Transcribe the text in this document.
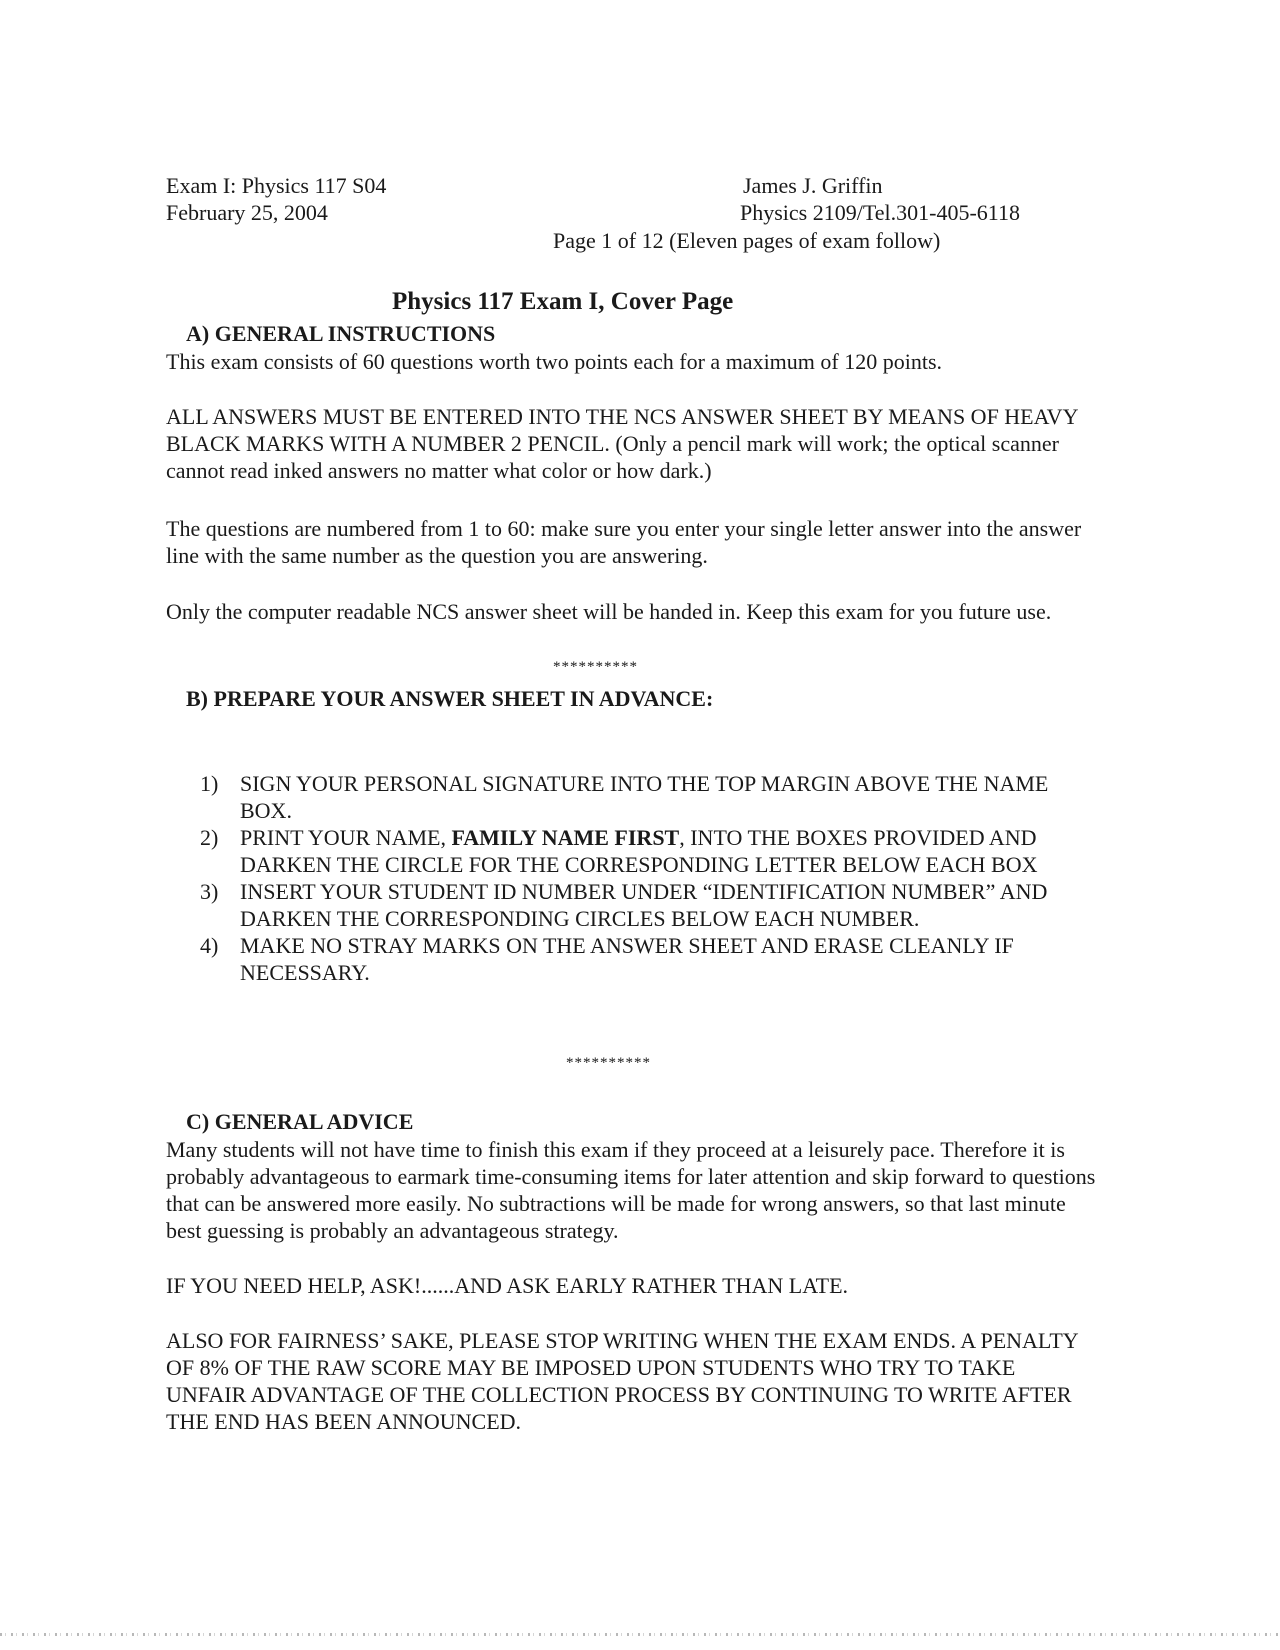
Exam I: Physics 117 S04
February 25, 2004
James J. Griffin
Physics 2109/Tel.301-405-6118
Page 1 of 12 (Eleven pages of exam follow)
Physics 117 Exam I, Cover Page
A) GENERAL INSTRUCTIONS

This exam consists of 60 questions worth two points each for a maximum of 120 points.

ALL ANSWERS MUST BE ENTERED INTO THE NCS ANSWER SHEET BY MEANS OF HEAVY BLACK MARKS WITH A NUMBER 2 PENCIL. (Only a pencil mark will work; the optical scanner cannot read inked answers no matter what color or how dark.)

The questions are numbered from 1 to 60: make sure you enter your single letter answer into the answer line with the same number as the question you are answering.

Only the computer readable NCS answer sheet will be handed in. Keep this exam for you future use.

**********
B) PREPARE YOUR ANSWER SHEET IN ADVANCE:
1) SIGN YOUR PERSONAL SIGNATURE INTO THE TOP MARGIN ABOVE THE NAME BOX.
2) PRINT YOUR NAME, FAMILY NAME FIRST, INTO THE BOXES PROVIDED AND DARKEN THE CIRCLE FOR THE CORRESPONDING LETTER BELOW EACH BOX
3) INSERT YOUR STUDENT ID NUMBER UNDER “IDENTIFICATION NUMBER” AND DARKEN THE CORRESPONDING CIRCLES BELOW EACH NUMBER.
4) MAKE NO STRAY MARKS ON THE ANSWER SHEET AND ERASE CLEANLY IF NECESSARY.
**********
C) GENERAL ADVICE

Many students will not have time to finish this exam if they proceed at a leisurely pace. Therefore it is probably advantageous to earmark time-consuming items for later attention and skip forward to questions that can be answered more easily. No subtractions will be made for wrong answers, so that last minute best guessing is probably an advantageous strategy.

IF YOU NEED HELP, ASK!......AND ASK EARLY RATHER THAN LATE.

ALSO FOR FAIRNESS’ SAKE, PLEASE STOP WRITING WHEN THE EXAM ENDS. A PENALTY OF 8% OF THE RAW SCORE MAY BE IMPOSED UPON STUDENTS WHO TRY TO TAKE UNFAIR ADVANTAGE OF THE COLLECTION PROCESS BY CONTINUING TO WRITE AFTER THE END HAS BEEN ANNOUNCED.
